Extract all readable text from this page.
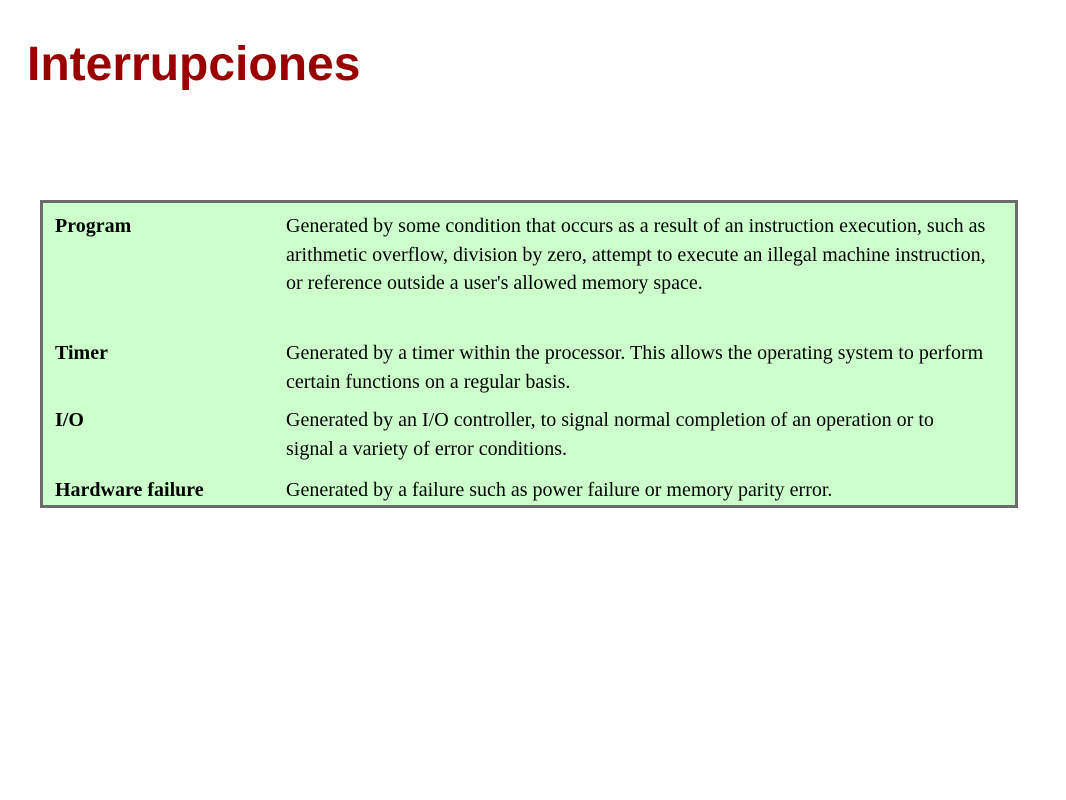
Interrupciones
Program	Generated by some condition that occurs as a result of an instruction execution, such as arithmetic overflow, division by zero, attempt to execute an illegal machine instruction, or reference outside a user's allowed memory space.
Timer	Generated by a timer within the processor. This allows the operating system to perform certain functions on a regular basis.
I/O	Generated by an I/O controller, to signal normal completion of an operation or to signal a variety of error conditions.
Hardware failure	Generated by a failure such as power failure or memory parity error.
